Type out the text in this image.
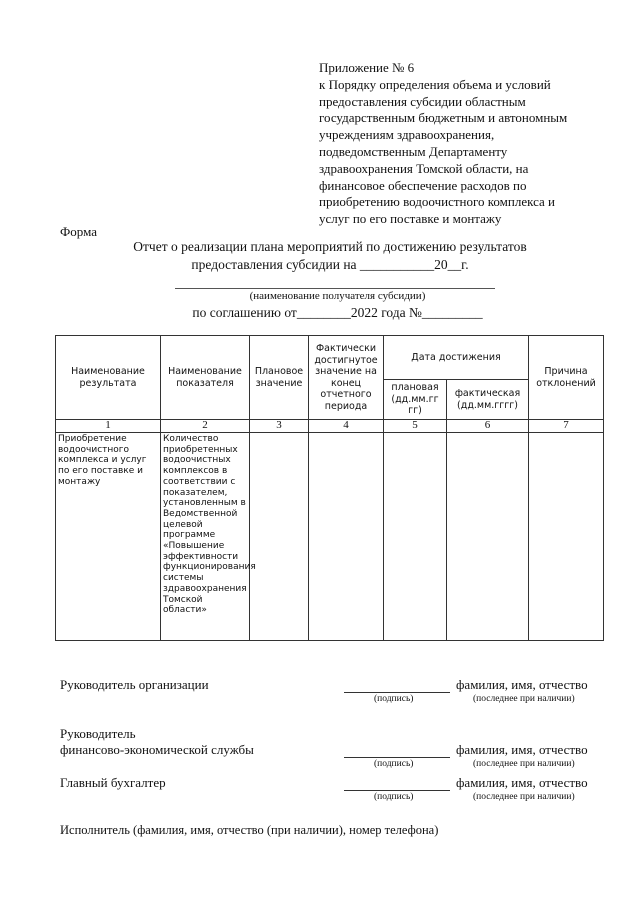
Приложение № 6
к Порядку определения объема и условий
предоставления субсидии областным
государственным бюджетным и автономным
учреждениям здравоохранения,
подведомственным Департаменту
здравоохранения Томской области, на
финансовое обеспечение расходов по
приобретению водоочистного комплекса и
услуг по его поставке и монтажу
Форма
Отчет о реализации плана мероприятий по достижению результатов
предоставления субсидии на ___________20__г.
(наименование получателя субсидии)
по соглашению от________2022 года №_________
Наименование результата	Наименование показателя	Плановое значение	Фактически достигнутое значение на конец отчетного периода	Дата достижения		Причина отклонений
				плановая (дд.мм.гг гг)	фактическая (дд.мм.гггг)	
1	2	3	4	5	6	7
Приобретение водоочистного комплекса и услуг по его поставке и монтажу	Количество приобретенных водоочистных комплексов в соответствии с показателем, установленным в Ведомственной целевой программе «Повышение эффективности функционирования системы здравоохранения Томской области»					
Руководитель организации
(подпись)
фамилия, имя, отчество
(последнее при наличии)
Руководитель
финансово-экономической службы
(подпись)
фамилия, имя, отчество
(последнее при наличии)
Главный бухгалтер
(подпись)
фамилия, имя, отчество
(последнее при наличии)
Исполнитель (фамилия, имя, отчество (при наличии), номер телефона)
